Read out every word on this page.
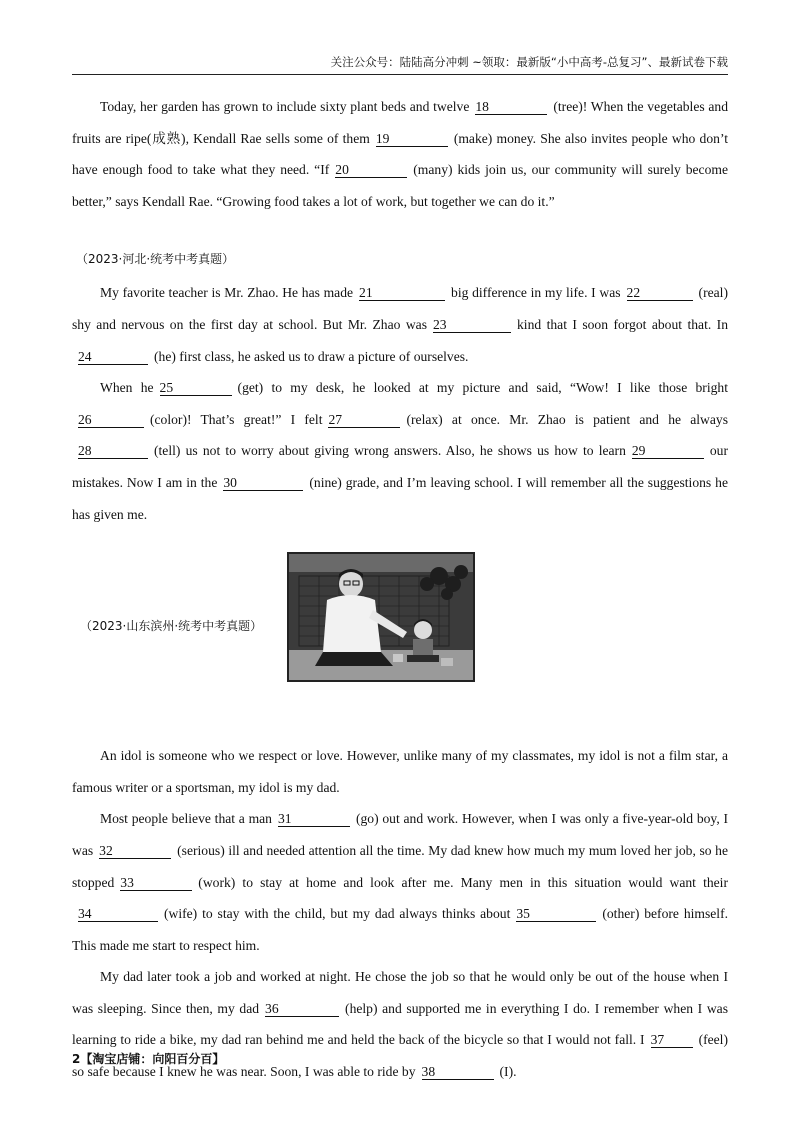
关注公众号：陆陆高分冲刺 ~领取：最新版“小中高考-总复习”、最新试卷下载

Today, her garden has grown to include sixty plant beds and twelve 18	(tree)! When the vegetables and fruits are ripe(成熟), Kendall Rae sells some of them 19	(make) money. She also invites people who don’t have enough food to take what they need. “If 20	(many) kids join us, our community will surely become better,” says Kendall Rae. “Growing food takes a lot of work, but together we can do it.”

（2023·河北·统考中考真题）

My favorite teacher is Mr. Zhao. He has made 21	big difference in my life. I was 22	(real) shy and nervous on the first day at school. But Mr. Zhao was 23	kind that I soon forgot about that. In24	(he) first class, he asked us to draw a picture of ourselves.

When he 25	(get) to my desk, he looked at my picture and said, “Wow! I like those bright26	(color)! That’s great!” I felt 27	(relax) at once. Mr. Zhao is patient and he always28	(tell) us not to worry about giving wrong answers. Also, he shows us how to learn 29	our mistakes. Now I am in the 30	(nine) grade, and I’m leaving school. I will remember all the suggestions he has given me.

（2023·山东滨州·统考中考真题）

An idol is someone who we respect or love. However, unlike many of my classmates, my idol is not a film star, a famous writer or a sportsman, my idol is my dad.

Most people believe that a man 31	(go) out and work. However, when I was only a five-year-old boy, I was 32	(serious) ill and needed attention all the time. My dad knew how much my mum loved her job, so he stopped 33	(work) to stay at home and look after me. Many men in this situation would want their34	(wife) to stay with the child, but my dad always thinks about 35	(other) before himself. This made me start to respect him.

My dad later took a job and worked at night. He chose the job so that he would only be out of the house when I was sleeping. Since then, my dad 36	(help) and supported me in everything I do. I remember when I was learning to ride a bike, my dad ran behind me and held the back of the bicycle so that I would not fall. I 37	(feel) so safe because I knew he was near. Soon, I was able to ride by 38	(I).

2【淘宝店铺：向阳百分百】
